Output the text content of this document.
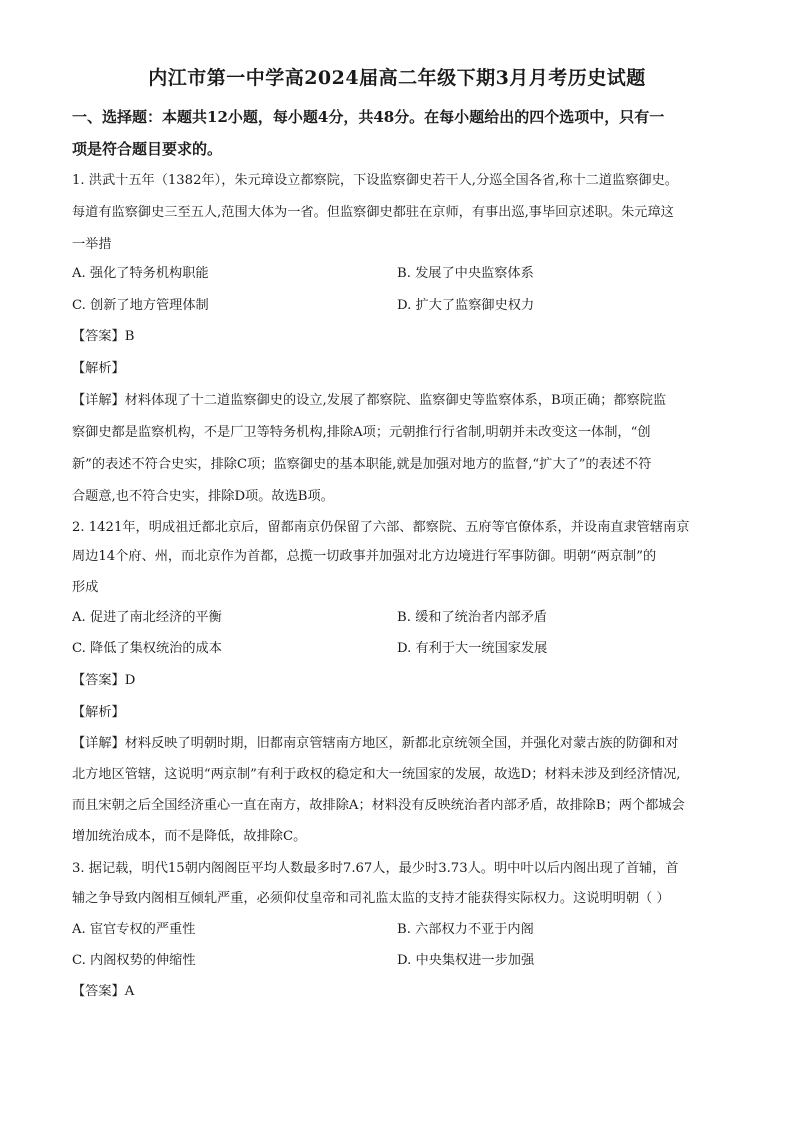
内江市第一中学高2024届高二年级下期3月月考历史试题
一、选择题：本题共12小题，每小题4分，共48分。在每小题给出的四个选项中，只有一
项是符合题目要求的。
1. 洪武十五年（1382年），朱元璋设立都察院，下设监察御史若干人,分巡全国各省,称十二道监察御史。
每道有监察御史三至五人,范围大体为一省。但监察御史都驻在京师，有事出巡,事毕回京述职。朱元璋这
一举措
A. 强化了特务机构职能	B. 发展了中央监察体系
C. 创新了地方管理体制	D. 扩大了监察御史权力
【答案】B
【解析】
【详解】材料体现了十二道监察御史的设立,发展了都察院、监察御史等监察体系，B项正确；都察院监
察御史都是监察机构，不是厂卫等特务机构,排除A项；元朝推行行省制,明朝并未改变这一体制，“创
新”的表述不符合史实，排除C项；监察御史的基本职能,就是加强对地方的监督,“扩大了”的表述不符
合题意,也不符合史实，排除D项。故选B项。
2. 1421年，明成祖迁都北京后，留都南京仍保留了六部、都察院、五府等官僚体系，并设南直隶管辖南京
周边14个府、州，而北京作为首都，总揽一切政事并加强对北方边境进行军事防御。明朝“两京制”的
形成
A. 促进了南北经济的平衡	B. 缓和了统治者内部矛盾
C. 降低了集权统治的成本	D. 有利于大一统国家发展
【答案】D
【解析】
【详解】材料反映了明朝时期，旧都南京管辖南方地区，新都北京统领全国，并强化对蒙古族的防御和对
北方地区管辖，这说明“两京制”有利于政权的稳定和大一统国家的发展，故选D；材料未涉及到经济情况,
而且宋朝之后全国经济重心一直在南方，故排除A；材料没有反映统治者内部矛盾，故排除B；两个都城会
增加统治成本，而不是降低，故排除C。
3. 据记载，明代15朝内阁阁臣平均人数最多时7.67人，最少时3.73人。明中叶以后内阁出现了首辅，首
辅之争导致内阁相互倾轧严重，必须仰仗皇帝和司礼监太监的支持才能获得实际权力。这说明明朝（ ）
A. 宦官专权的严重性	B. 六部权力不亚于内阁
C. 内阁权势的伸缩性	D. 中央集权进一步加强
【答案】A
